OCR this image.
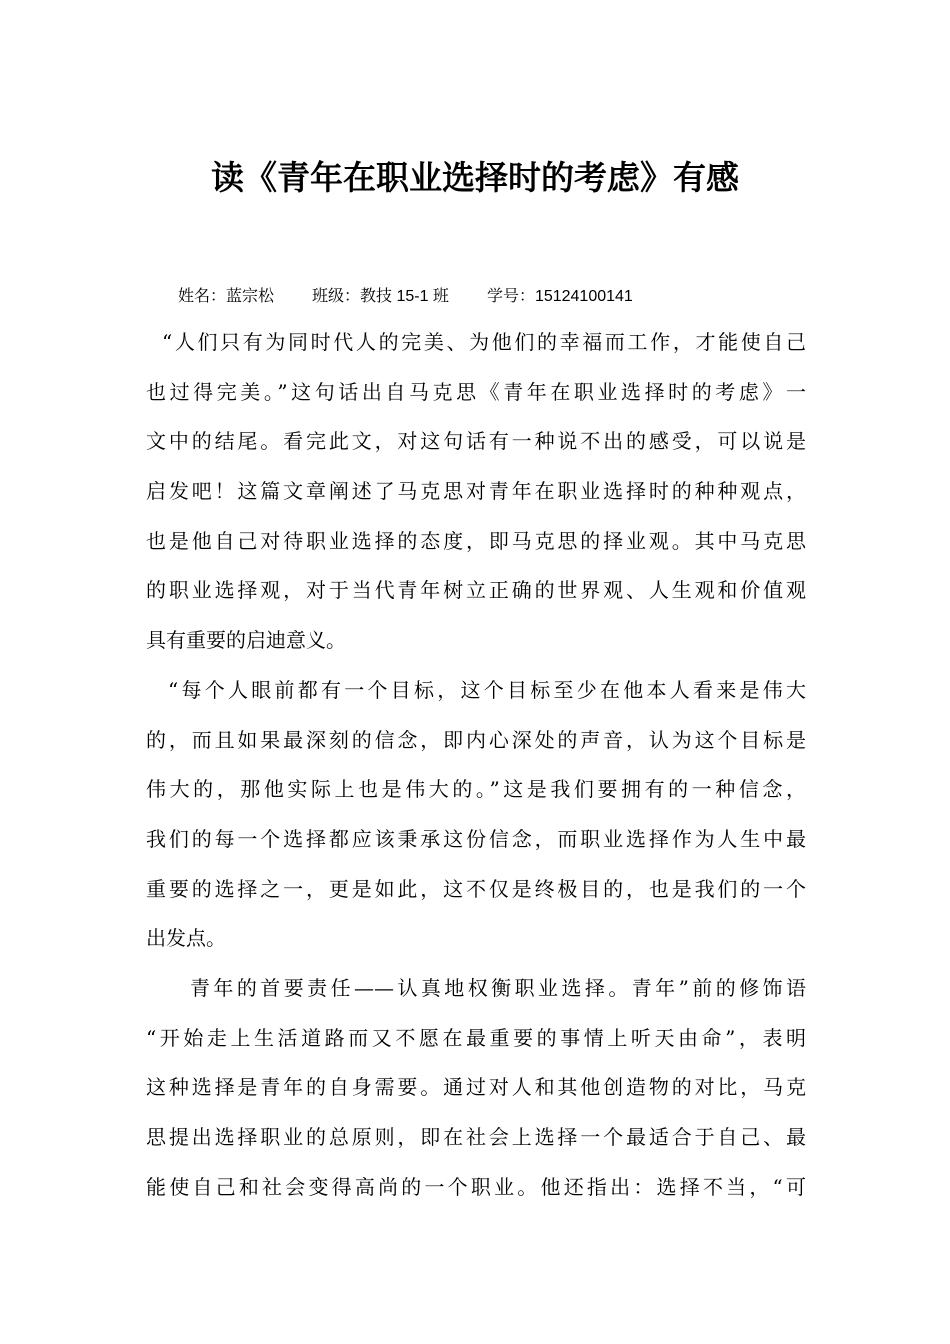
读《青年在职业选择时的考虑》有感
姓名：蓝宗松 班级：教技 15-1 班 学号：15124100141
“人们只有为同时代人的完美、为他们的幸福而工作，才能使自己
也过得完美。”这句话出自马克思《青年在职业选择时的考虑》一
文中的结尾。看完此文，对这句话有一种说不出的感受，可以说是
启发吧！这篇文章阐述了马克思对青年在职业选择时的种种观点，
也是他自己对待职业选择的态度，即马克思的择业观。其中马克思
的职业选择观，对于当代青年树立正确的世界观、人生观和价值观
具有重要的启迪意义。
“每个人眼前都有一个目标，这个目标至少在他本人看来是伟大
的，而且如果最深刻的信念，即内心深处的声音，认为这个目标是
伟大的，那他实际上也是伟大的。”这是我们要拥有的一种信念，
我们的每一个选择都应该秉承这份信念，而职业选择作为人生中最
重要的选择之一，更是如此，这不仅是终极目的，也是我们的一个
出发点。
青年的首要责任——认真地权衡职业选择。青年”前的修饰语
“开始走上生活道路而又不愿在最重要的事情上听天由命”，表明
这种选择是青年的自身需要。通过对人和其他创造物的对比，马克
思提出选择职业的总原则，即在社会上选择一个最适合于自己、最
能使自己和社会变得高尚的一个职业。他还指出：选择不当，“可
